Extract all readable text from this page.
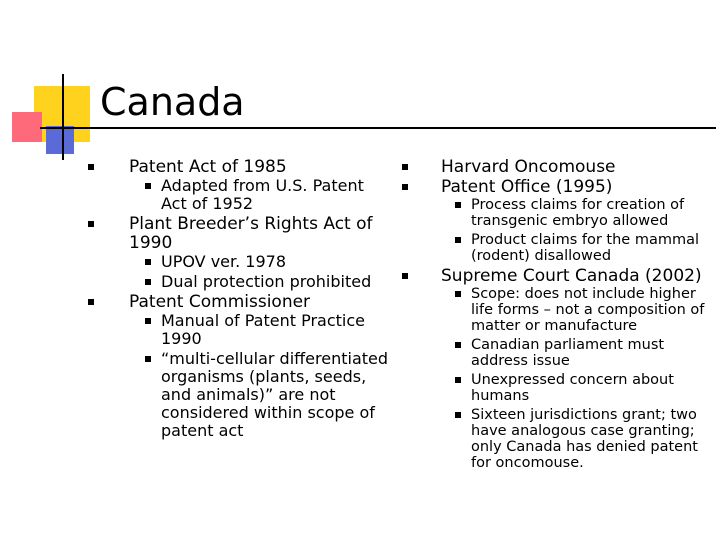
Canada
Patent Act of 1985
Adapted from U.S. Patent Act of 1952
Plant Breeder’s Rights Act of 1990
UPOV ver. 1978
Dual protection prohibited
Patent Commissioner
Manual of Patent Practice 1990
“multi-cellular differentiated organisms (plants, seeds, and animals)” are not considered within scope of patent act
Harvard Oncomouse
Patent Office (1995)
Process claims for creation of transgenic embryo allowed
Product claims for the mammal (rodent) disallowed
Supreme Court Canada (2002)
Scope: does not include higher life forms – not a composition of matter or manufacture
Canadian parliament must address issue
Unexpressed concern about humans
Sixteen jurisdictions grant; two have analogous case granting; only Canada has denied patent for oncomouse.
